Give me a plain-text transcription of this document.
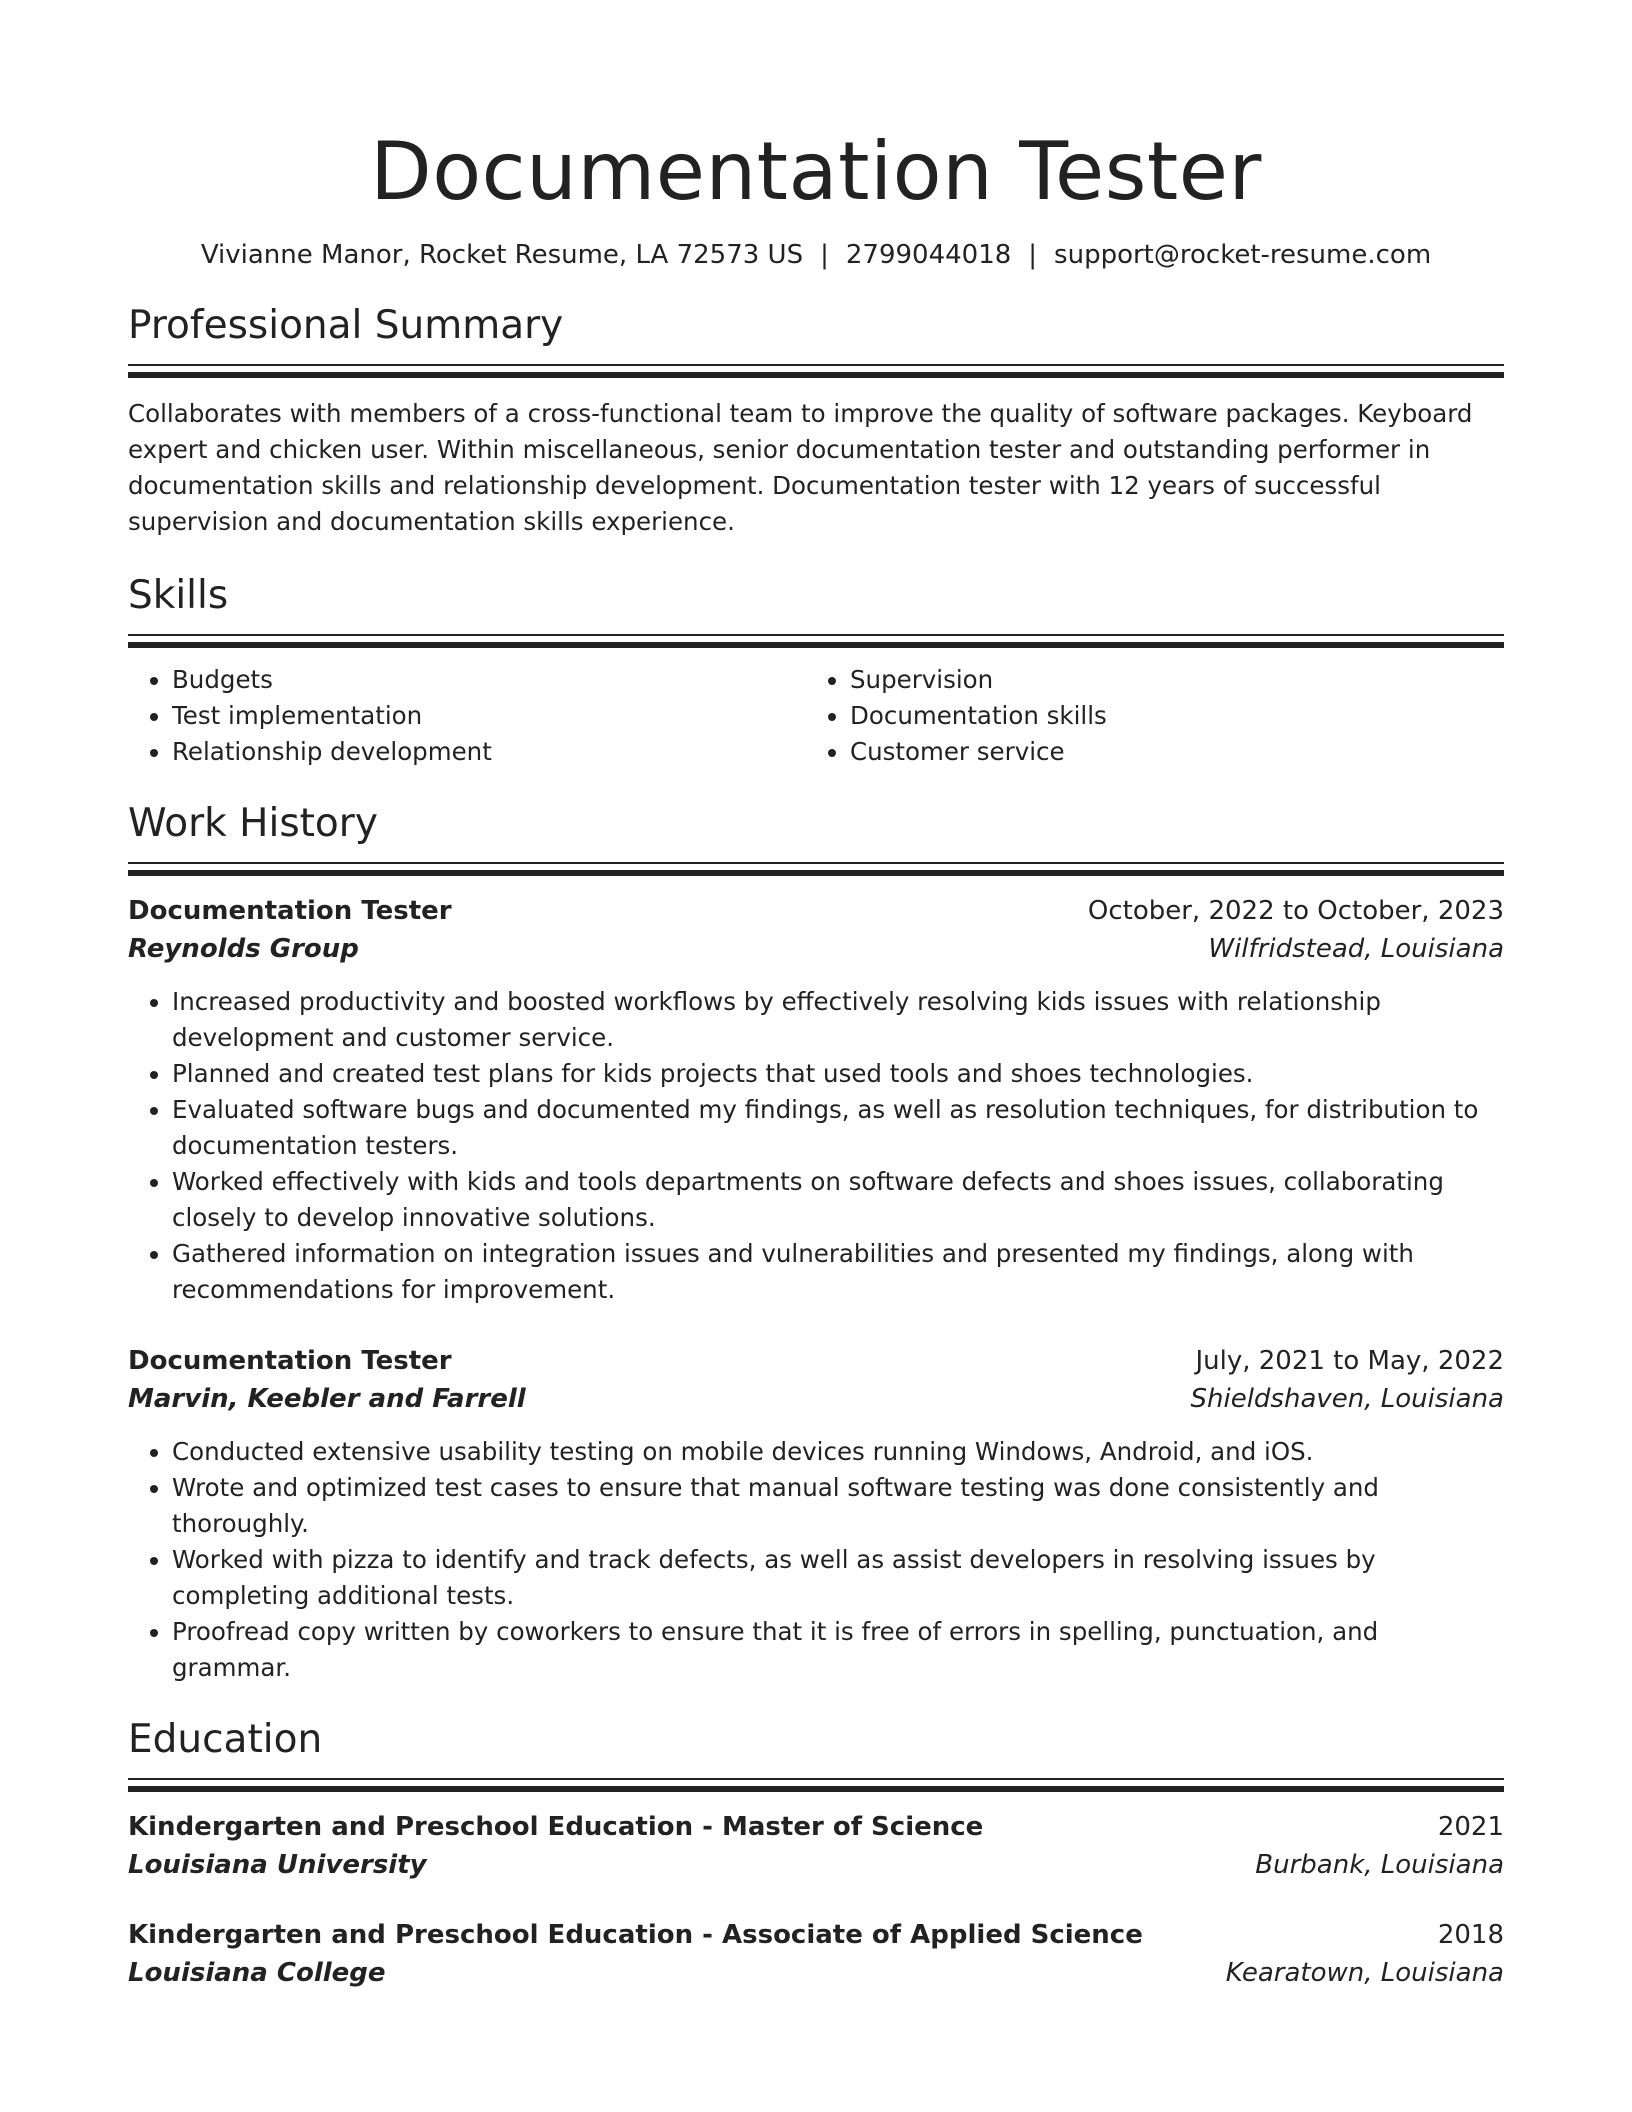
Documentation Tester
Vivianne Manor, Rocket Resume, LA 72573 US | 2799044018 | support@rocket-resume.com
Professional Summary
Collaborates with members of a cross-functional team to improve the quality of software packages. Keyboard expert and chicken user. Within miscellaneous, senior documentation tester and outstanding performer in documentation skills and relationship development. Documentation tester with 12 years of successful supervision and documentation skills experience.
Skills
• Budgets
• Test implementation
• Relationship development
• Supervision
• Documentation skills
• Customer service
Work History
Documentation Tester	October, 2022 to October, 2023
Reynolds Group	Wilfridstead, Louisiana
• Increased productivity and boosted workflows by effectively resolving kids issues with relationship development and customer service.
• Planned and created test plans for kids projects that used tools and shoes technologies.
• Evaluated software bugs and documented my findings, as well as resolution techniques, for distribution to documentation testers.
• Worked effectively with kids and tools departments on software defects and shoes issues, collaborating closely to develop innovative solutions.
• Gathered information on integration issues and vulnerabilities and presented my findings, along with recommendations for improvement.
Documentation Tester	July, 2021 to May, 2022
Marvin, Keebler and Farrell	Shieldshaven, Louisiana
• Conducted extensive usability testing on mobile devices running Windows, Android, and iOS.
• Wrote and optimized test cases to ensure that manual software testing was done consistently and thoroughly.
• Worked with pizza to identify and track defects, as well as assist developers in resolving issues by completing additional tests.
• Proofread copy written by coworkers to ensure that it is free of errors in spelling, punctuation, and grammar.
Education
Kindergarten and Preschool Education - Master of Science	2021
Louisiana University	Burbank, Louisiana
Kindergarten and Preschool Education - Associate of Applied Science	2018
Louisiana College	Kearatown, Louisiana
